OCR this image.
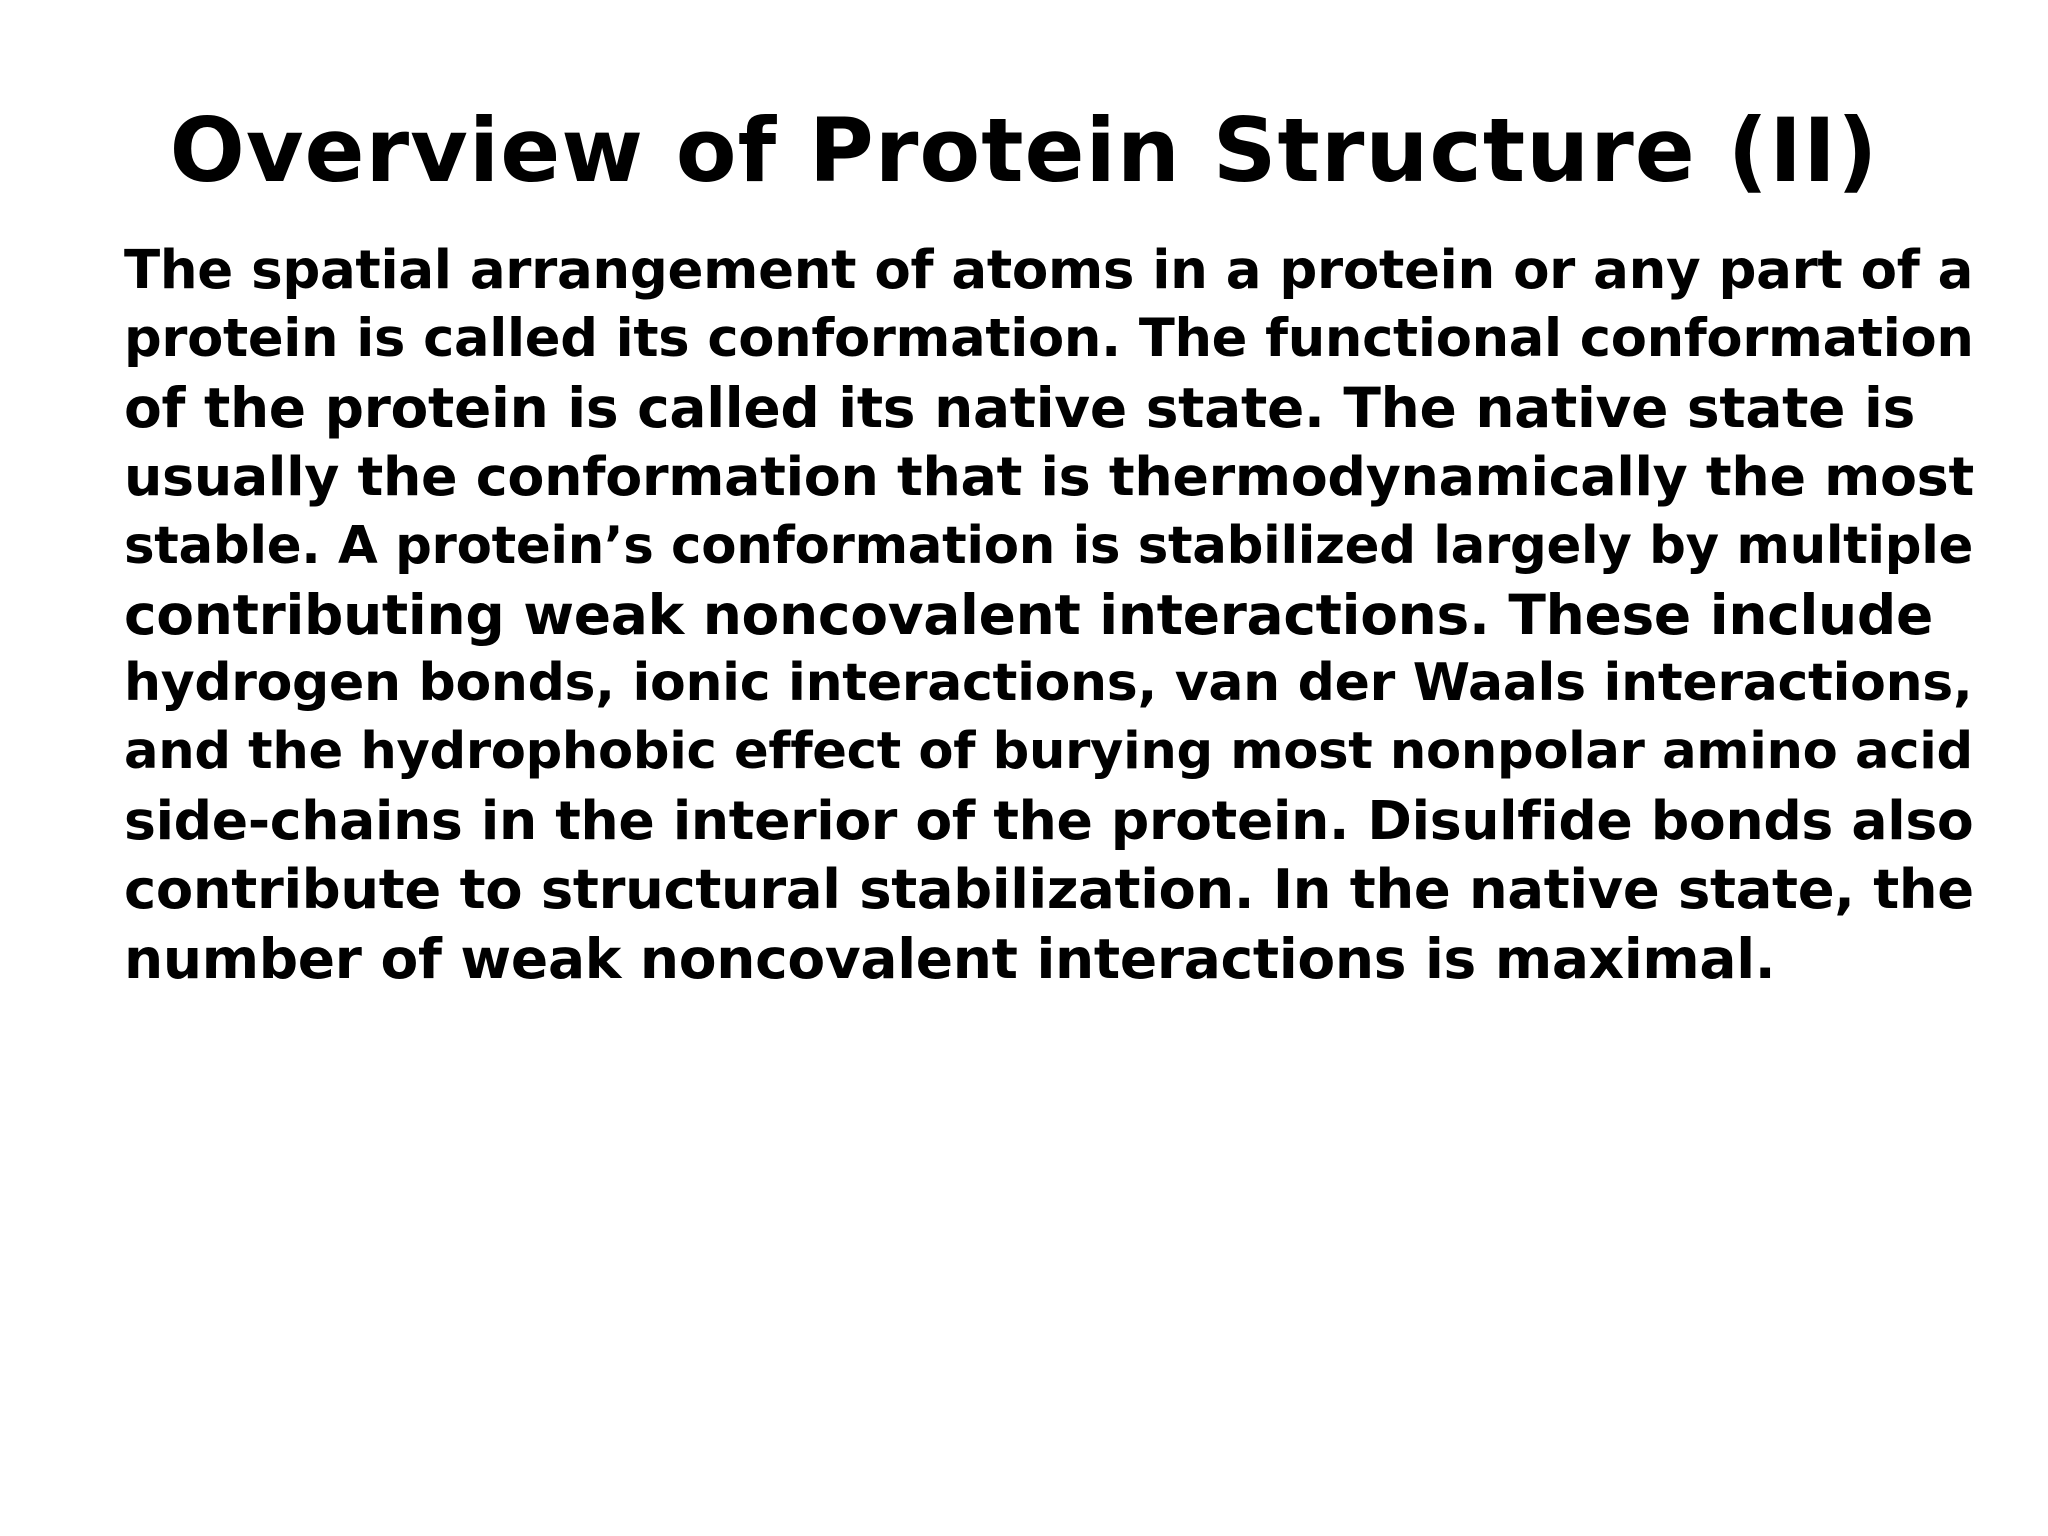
Overview of Protein Structure (II)
The spatial arrangement of atoms in a protein or any part of a
protein is called its conformation. The functional conformation
of the protein is called its native state. The native state is
usually the conformation that is thermodynamically the most
stable. A protein’s conformation is stabilized largely by multiple
contributing weak noncovalent interactions. These include
hydrogen bonds, ionic interactions, van der Waals interactions,
and the hydrophobic effect of burying most nonpolar amino acid
side-chains in the interior of the protein. Disulfide bonds also
contribute to structural stabilization. In the native state, the
number of weak noncovalent interactions is maximal.
